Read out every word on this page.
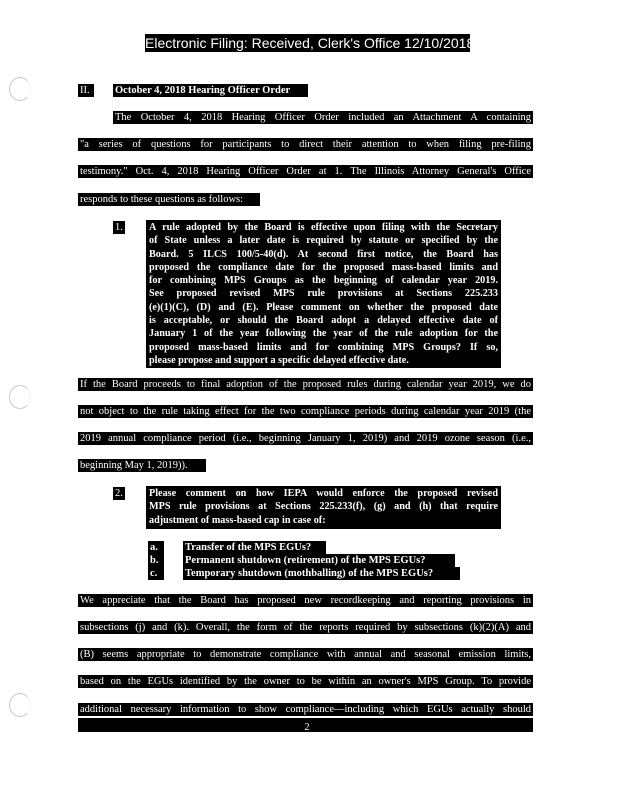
Electronic Filing: Received, Clerk's Office 12/10/2018
II.	October 4, 2018 Hearing Officer Order
The October 4, 2018 Hearing Officer Order included an Attachment A containing
"a series of questions for participants to direct their attention to when filing pre-filing
testimony." Oct. 4, 2018 Hearing Officer Order at 1. The Illinois Attorney General's Office
responds to these questions as follows:
1.	A rule adopted by the Board is effective upon filing with the Secretary
of State unless a later date is required by statute or specified by the
Board. 5 ILCS 100/5-40(d). At second first notice, the Board has
proposed the compliance date for the proposed mass-based limits and
for combining MPS Groups as the beginning of calendar year 2019.
See proposed revised MPS rule provisions at Sections 225.233
(e)(1)(C), (D) and (E). Please comment on whether the proposed date
is acceptable, or should the Board adopt a delayed effective date of
January 1 of the year following the year of the rule adoption for the
proposed mass-based limits and for combining MPS Groups? If so,
please propose and support a specific delayed effective date.
If the Board proceeds to final adoption of the proposed rules during calendar year 2019, we do
not object to the rule taking effect for the two compliance periods during calendar year 2019 (the
2019 annual compliance period (i.e., beginning January 1, 2019) and 2019 ozone season (i.e.,
beginning May 1, 2019)).
2.	Please comment on how IEPA would enforce the proposed revised
MPS rule provisions at Sections 225.233(f), (g) and (h) that require
adjustment of mass-based cap in case of:
a.	Transfer of the MPS EGUs?
b.	Permanent shutdown (retirement) of the MPS EGUs?
c.	Temporary shutdown (mothballing) of the MPS EGUs?
We appreciate that the Board has proposed new recordkeeping and reporting provisions in
subsections (j) and (k). Overall, the form of the reports required by subsections (k)(2)(A) and
(B) seems appropriate to demonstrate compliance with annual and seasonal emission limits,
based on the EGUs identified by the owner to be within an owner's MPS Group. To provide
additional necessary information to show compliance—including which EGUs actually should
2
